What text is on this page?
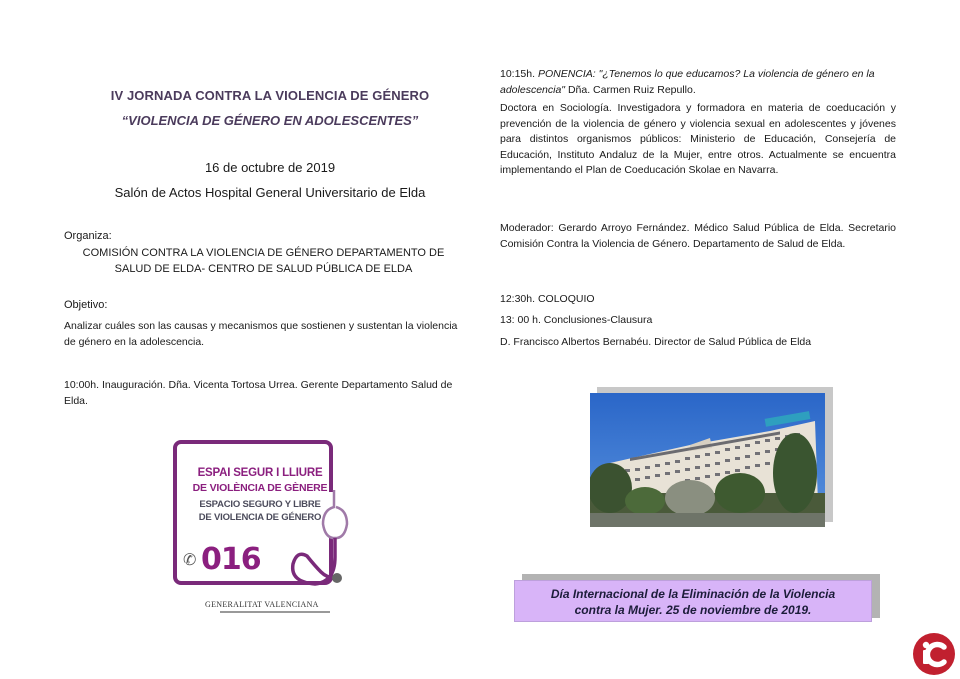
IV JORNADA CONTRA LA VIOLENCIA DE GÉNERO
“VIOLENCIA DE GÉNERO EN ADOLESCENTES”
16 de octubre de 2019
Salón de Actos Hospital General Universitario de Elda
Organiza:
COMISIÓN CONTRA LA VIOLENCIA DE GÉNERO DEPARTAMENTO DE SALUD DE ELDA- CENTRO DE SALUD PÚBLICA DE ELDA
Objetivo:
Analizar cuáles son las causas y mecanismos que sostienen y sustentan la violencia de género en la adolescencia.
10:00h. Inauguración. Dña. Vicenta Tortosa Urrea. Gerente Departamento Salud de Elda.
ESPAI SEGUR I LLIURE
DE VIOLÈNCIA DE GÈNERE
ESPACIO SEGURO Y LIBRE
DE VIOLENCIA DE GÉNERO
✆ 016
GENERALITAT VALENCIANA
10:15h. PONENCIA: "¿Tenemos lo que educamos? La violencia de género en la adolescencia" Dña. Carmen Ruiz Repullo.
Doctora en Sociología. Investigadora y formadora en materia de coeducación y prevención de la violencia de género y violencia sexual en adolescentes y jóvenes para distintos organismos públicos: Ministerio de Educación, Consejería de Educación, Instituto Andaluz de la Mujer, entre otros. Actualmente se encuentra implementando el Plan de Coeducación Skolae en Navarra.
Moderador: Gerardo Arroyo Fernández. Médico Salud Pública de Elda. Secretario Comisión Contra la Violencia de Género. Departamento de Salud de Elda.
12:30h. COLOQUIO
13: 00 h. Conclusiones-Clausura
D. Francisco Albertos Bernabéu. Director de Salud Pública de Elda
Día Internacional de la Eliminación de la Violencia
contra la Mujer. 25 de noviembre de 2019.
